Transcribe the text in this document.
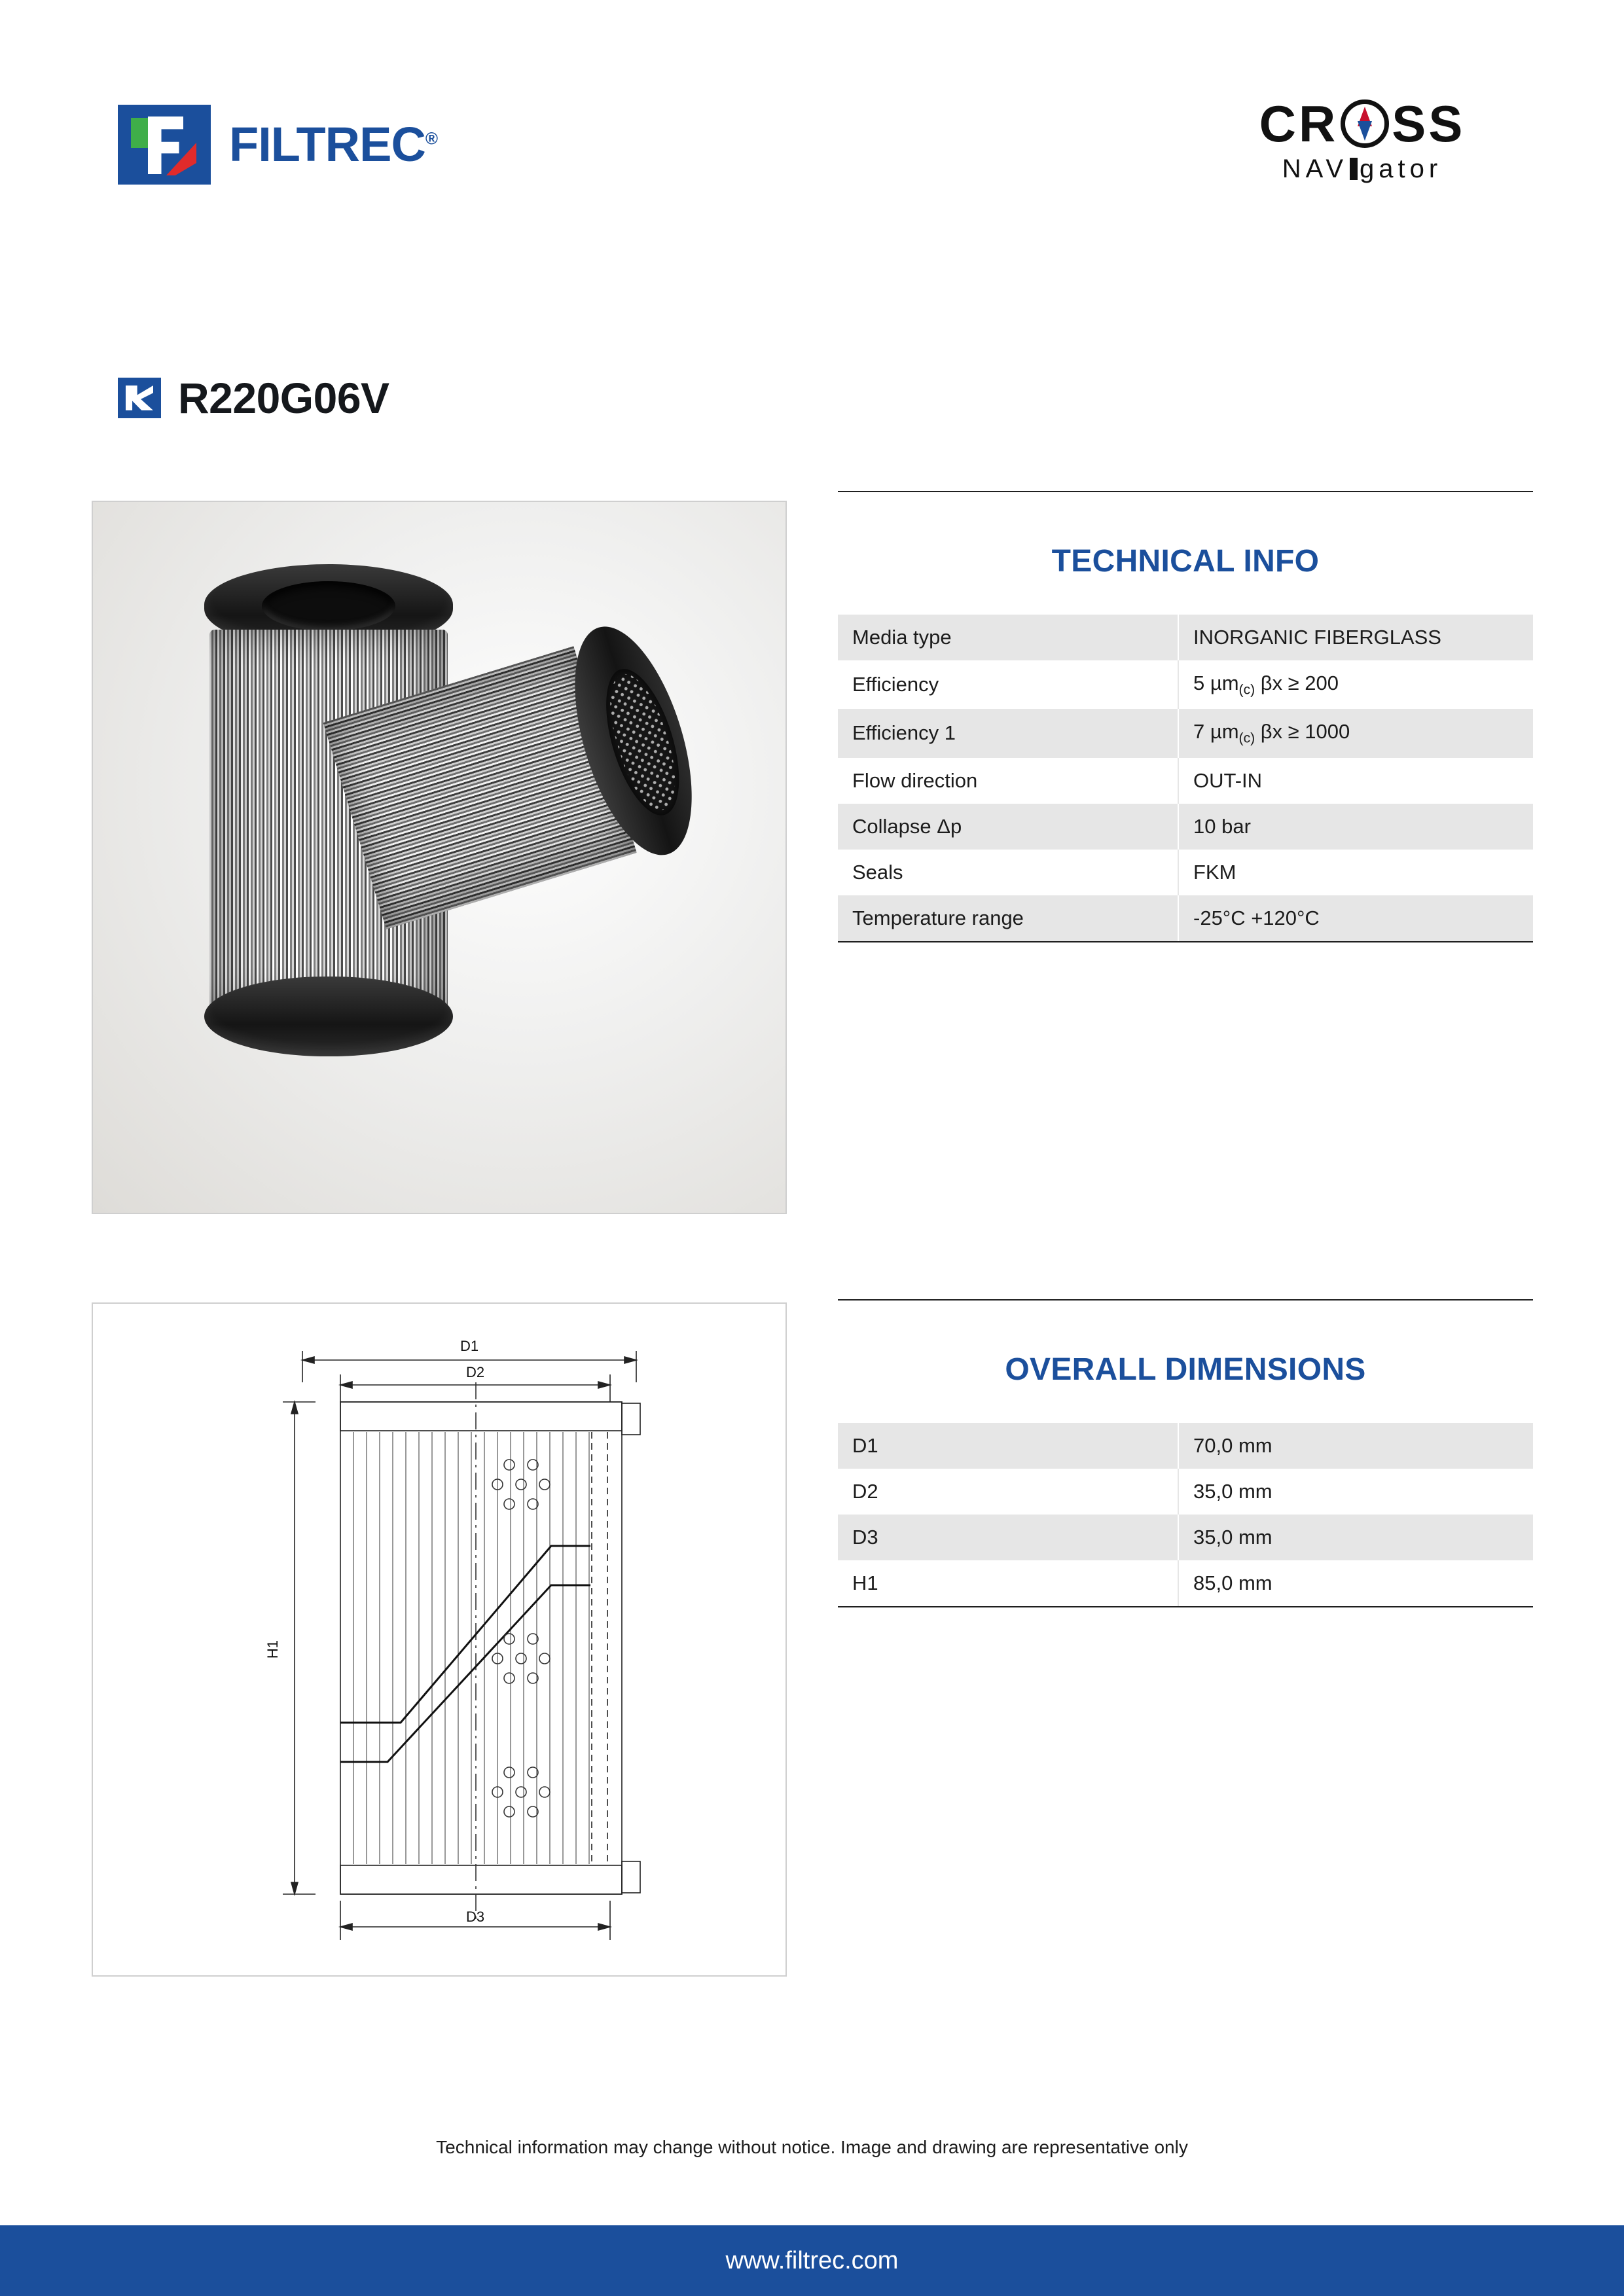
FILTREC®	CR SS
NAV gator
R220G06V
D1
D2
D3
H1
TECHNICAL INFO
Media type	INORGANIC FIBERGLASS
Efficiency	5 µm$_{(c)}$ βx ≥ 200
Efficiency 1	7 µm$_{(c)}$ βx ≥ 1000
Flow direction	OUT-IN
Collapse Δp	10 bar
Seals	FKM
Temperature range	-25°C +120°C
OVERALL DIMENSIONS
D1	70,0 mm
D2	35,0 mm
D3	35,0 mm
H1	85,0 mm
Technical information may change without notice. Image and drawing are representative only
www.filtrec.com
